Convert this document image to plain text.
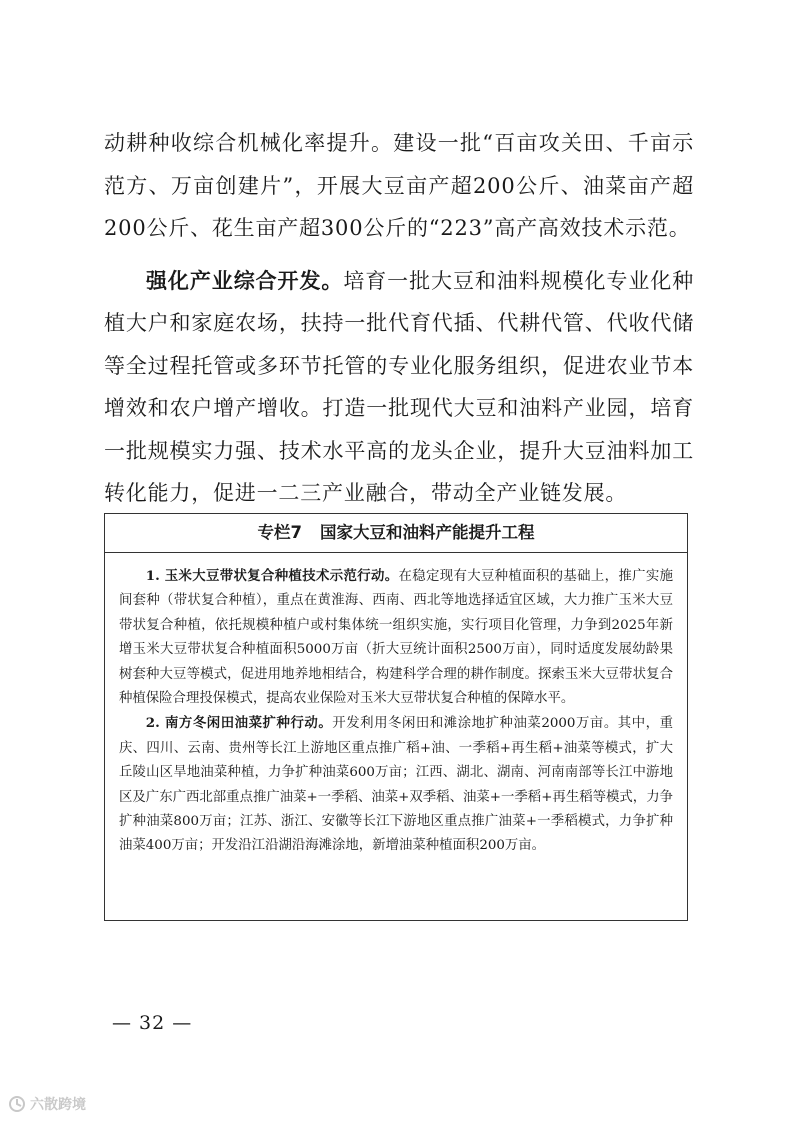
动耕种收综合机械化率提升。建设一批“百亩攻关田、千亩示范方、万亩创建片”，开展大豆亩产超200公斤、油菜亩产超200公斤、花生亩产超300公斤的“223”高产高效技术示范。

强化产业综合开发。培育一批大豆和油料规模化专业化种植大户和家庭农场，扶持一批代育代插、代耕代管、代收代储等全过程托管或多环节托管的专业化服务组织，促进农业节本增效和农户增产增收。打造一批现代大豆和油料产业园，培育一批规模实力强、技术水平高的龙头企业，提升大豆油料加工转化能力，促进一二三产业融合，带动全产业链发展。

专栏7 国家大豆和油料产能提升工程

1. 玉米大豆带状复合种植技术示范行动。在稳定现有大豆种植面积的基础上，推广实施间套种（带状复合种植），重点在黄淮海、西南、西北等地选择适宜区域，大力推广玉米大豆带状复合种植，依托规模种植户或村集体统一组织实施，实行项目化管理，力争到2025年新增玉米大豆带状复合种植面积5000万亩（折大豆统计面积2500万亩），同时适度发展幼龄果树套种大豆等模式，促进用地养地相结合，构建科学合理的耕作制度。探索玉米大豆带状复合种植保险合理投保模式，提高农业保险对玉米大豆带状复合种植的保障水平。

2. 南方冬闲田油菜扩种行动。开发利用冬闲田和滩涂地扩种油菜2000万亩。其中，重庆、四川、云南、贵州等长江上游地区重点推广稻+油、一季稻+再生稻+油菜等模式，扩大丘陵山区旱地油菜种植，力争扩种油菜600万亩；江西、湖北、湖南、河南南部等长江中游地区及广东广西北部重点推广油菜+一季稻、油菜+双季稻、油菜+一季稻+再生稻等模式，力争扩种油菜800万亩；江苏、浙江、安徽等长江下游地区重点推广油菜+一季稻模式，力争扩种油菜400万亩；开发沿江沿湖沿海滩涂地，新增油菜种植面积200万亩。

— 32 —
六散跨境
